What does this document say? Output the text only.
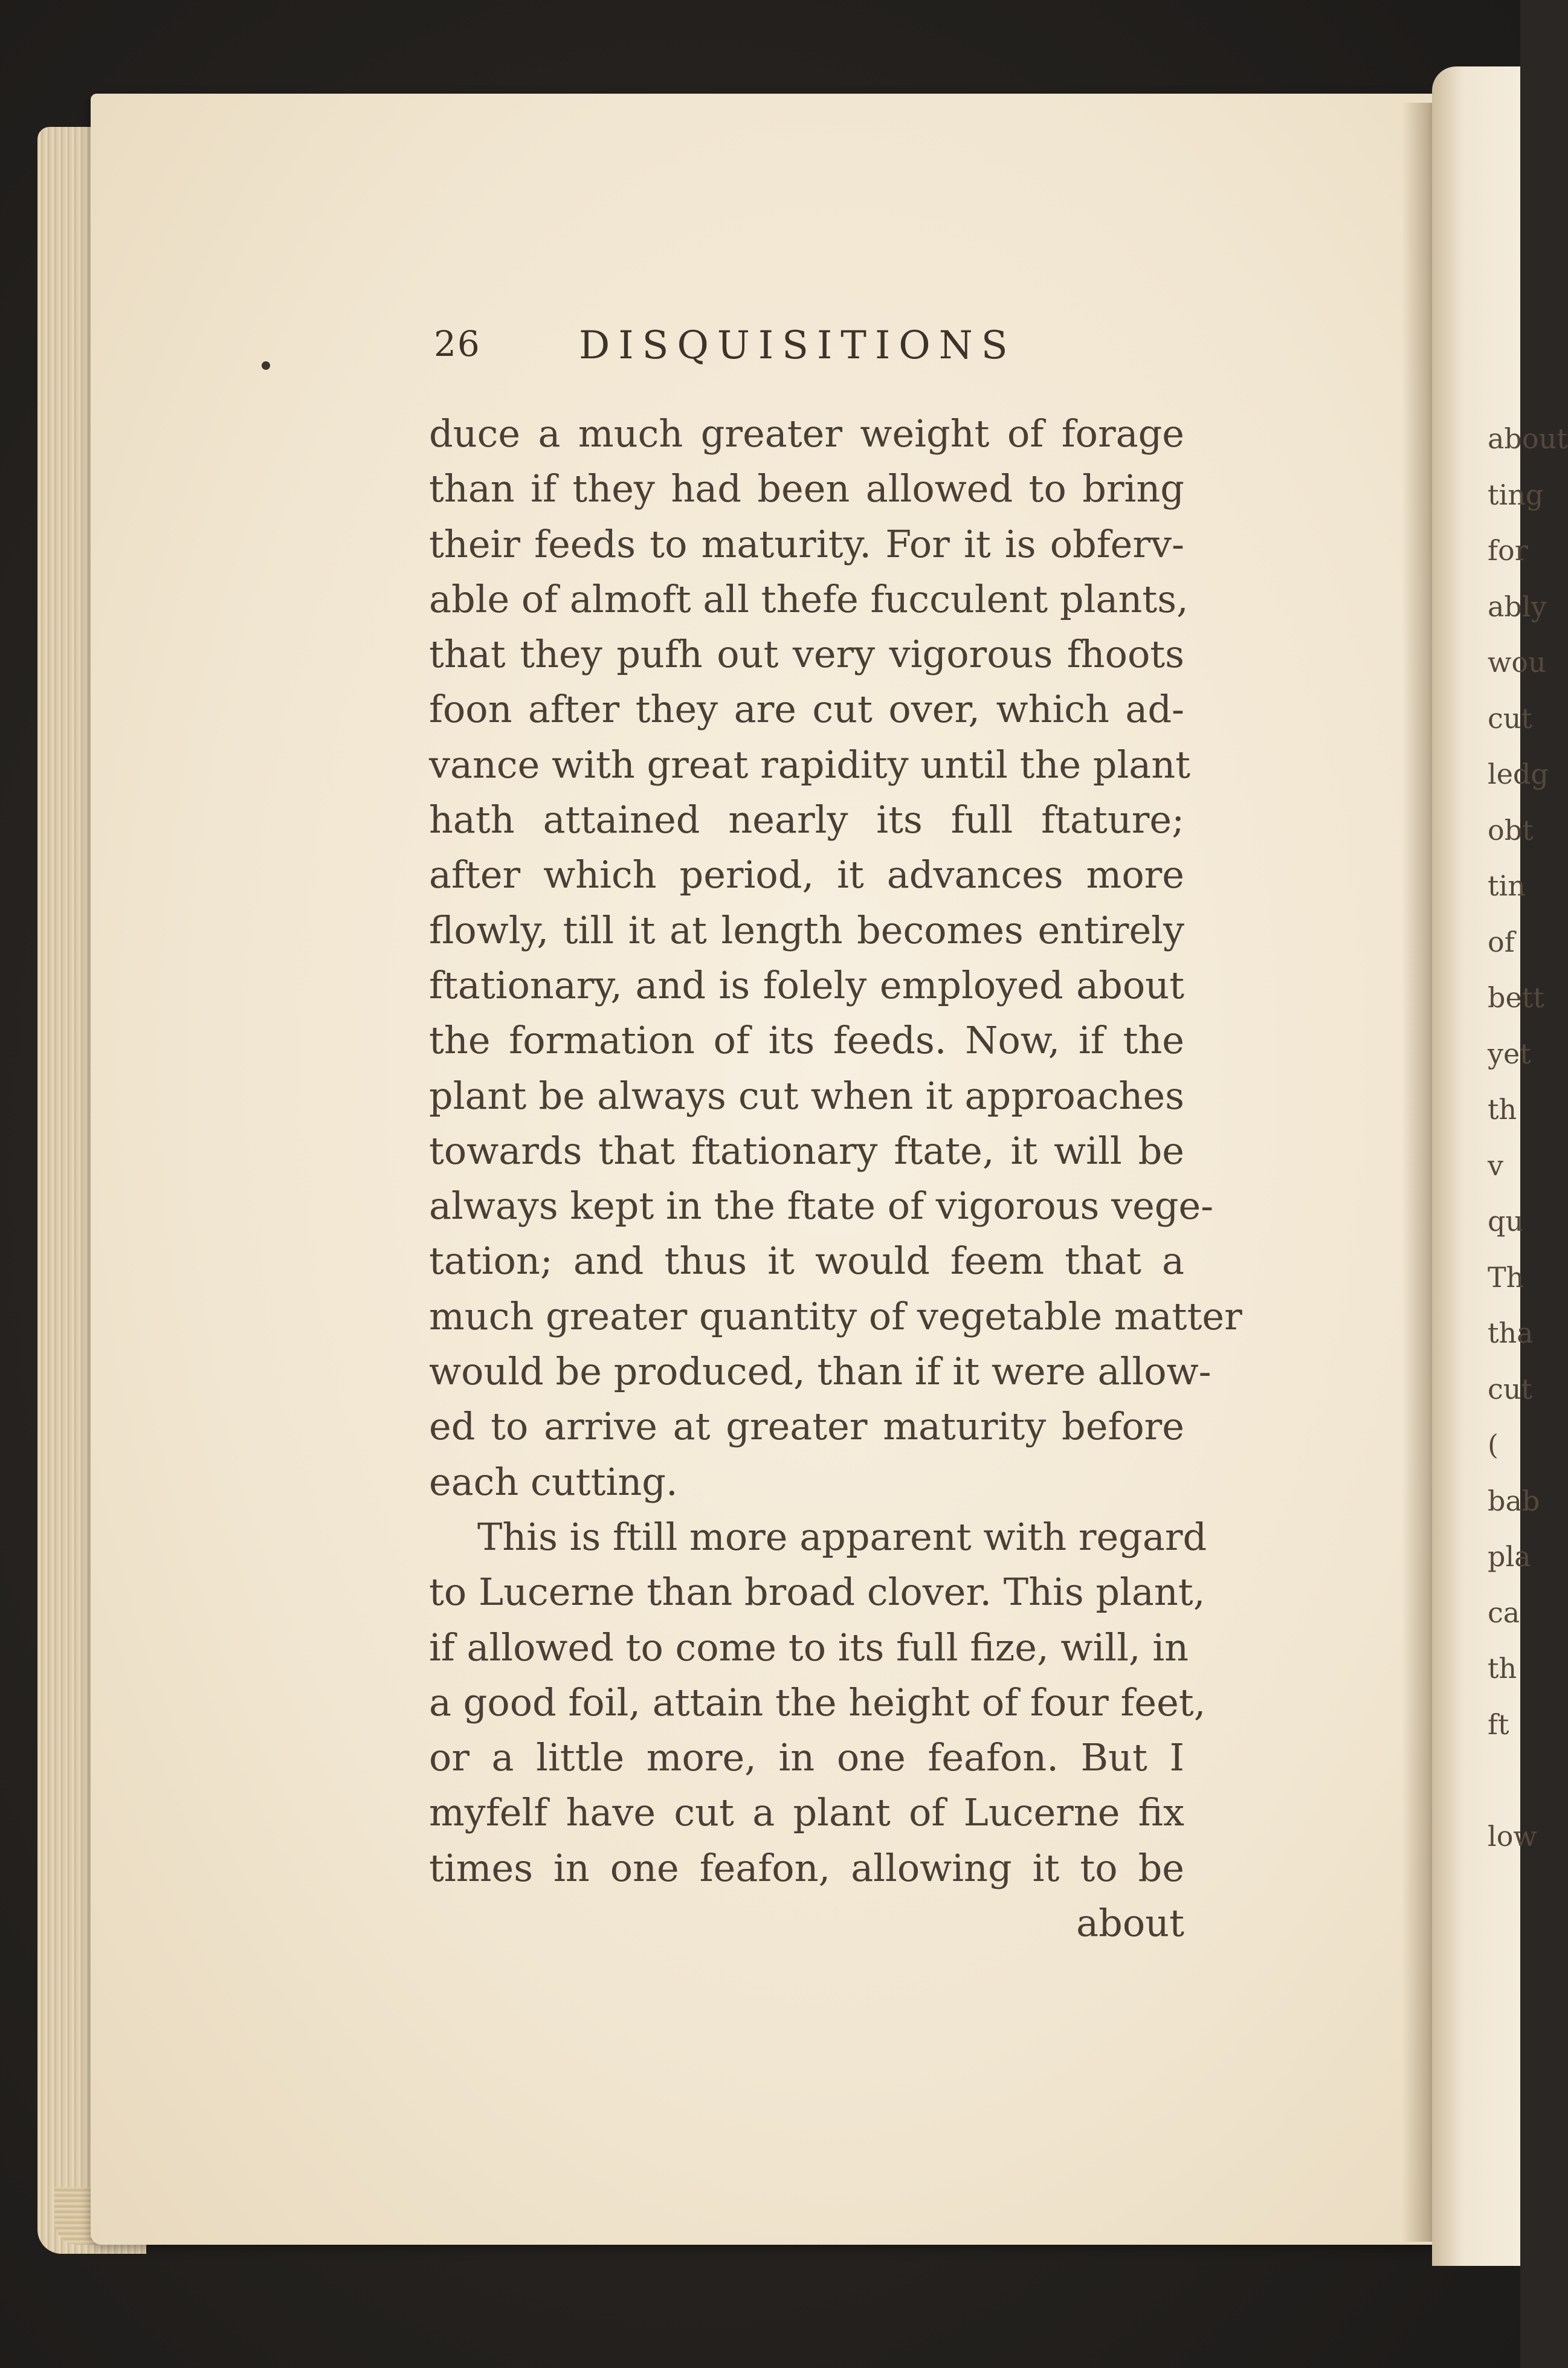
about
ting
for
ably
wou
cut
ledg
obt
tin
of
bett
yet
th
v
qu
Th
tha
cut
(
bab
pla
ca
th
ft
low
26	DISQUISITIONS
duce a much greater weight of forage
than if they had been allowed to bring
their feeds to maturity. For it is obferv-
able of almoft all thefe fucculent plants,
that they pufh out very vigorous fhoots
foon after they are cut over, which ad-
vance with great rapidity until the plant
hath attained nearly its full ftature;
after which period, it advances more
flowly, till it at length becomes entirely
ftationary, and is folely employed about
the formation of its feeds. Now, if the
plant be always cut when it approaches
towards that ftationary ftate, it will be
always kept in the ftate of vigorous vege-
tation; and thus it would feem that a
much greater quantity of vegetable matter
would be produced, than if it were allow-
ed to arrive at greater maturity before
each cutting.
This is ftill more apparent with regard
to Lucerne than broad clover. This plant,
if allowed to come to its full fize, will, in
a good foil, attain the height of four feet,
or a little more, in one feafon. But I
myfelf have cut a plant of Lucerne fix
times in one feafon, allowing it to be
about
